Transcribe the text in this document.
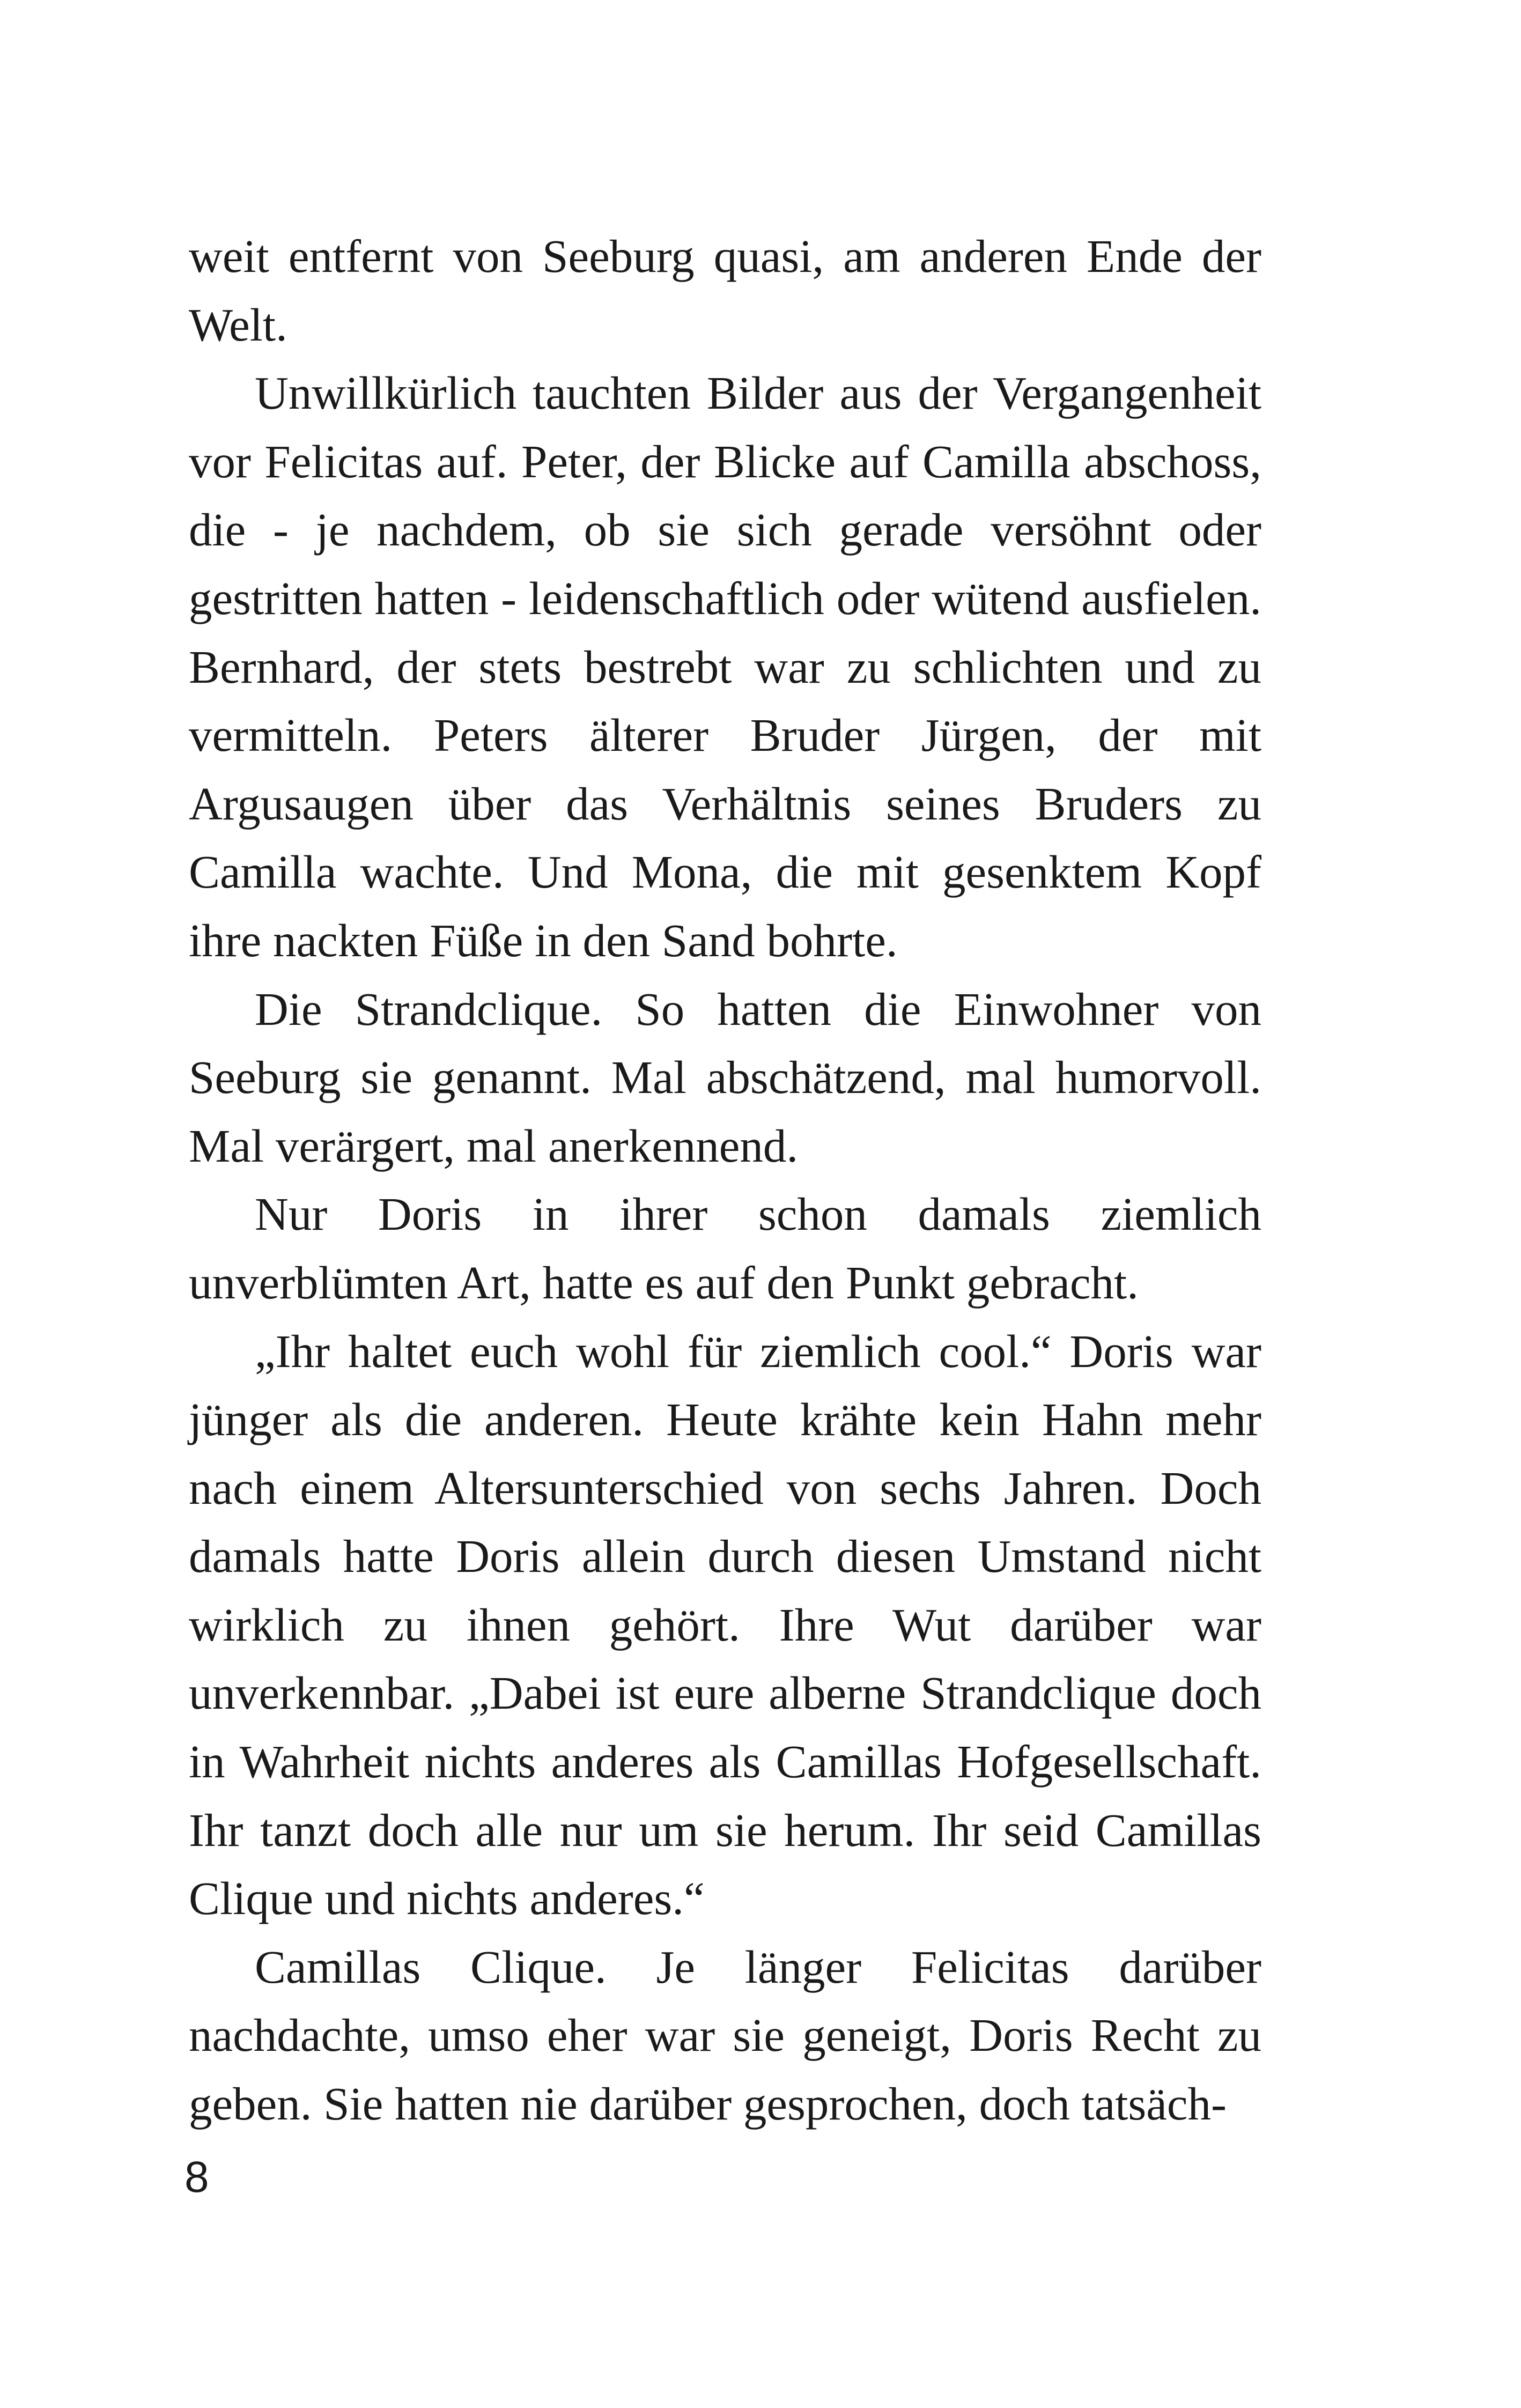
weit entfernt von Seeburg quasi, am anderen Ende der Welt.

Unwillkürlich tauchten Bilder aus der Vergangenheit vor Felicitas auf. Peter, der Blicke auf Camilla abschoss, die - je nachdem, ob sie sich gerade versöhnt oder gestritten hatten - leidenschaftlich oder wütend ausfielen. Bernhard, der stets bestrebt war zu schlichten und zu vermitteln. Peters älterer Bruder Jürgen, der mit Argusaugen über das Verhältnis seines Bruders zu Camilla wachte. Und Mona, die mit gesenktem Kopf ihre nackten Füße in den Sand bohrte.

Die Strandclique. So hatten die Einwohner von Seeburg sie genannt. Mal abschätzend, mal humorvoll. Mal verärgert, mal anerkennend.

Nur Doris in ihrer schon damals ziemlich unverblümten Art, hatte es auf den Punkt gebracht.

„Ihr haltet euch wohl für ziemlich cool.“ Doris war jünger als die anderen. Heute krähte kein Hahn mehr nach einem Altersunterschied von sechs Jahren. Doch damals hatte Doris allein durch diesen Umstand nicht wirklich zu ihnen gehört. Ihre Wut darüber war unverkennbar. „Dabei ist eure alberne Strandclique doch in Wahrheit nichts anderes als Camillas Hofgesellschaft. Ihr tanzt doch alle nur um sie herum. Ihr seid Camillas Clique und nichts anderes.“

Camillas Clique. Je länger Felicitas darüber nachdachte, umso eher war sie geneigt, Doris Recht zu geben. Sie hatten nie darüber gesprochen, doch tatsäch-

8
